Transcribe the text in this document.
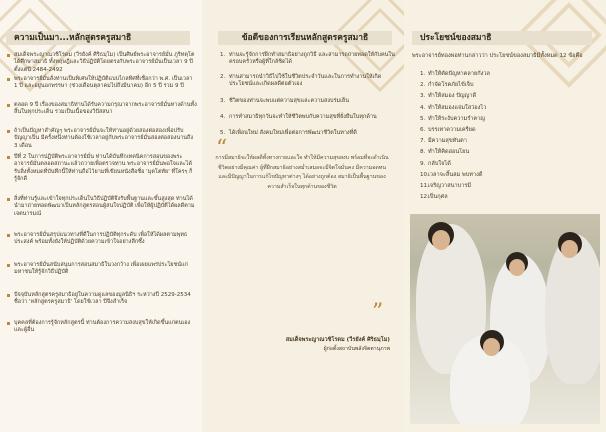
ความเป็นมา...หลักสูตรครูสมาธิ
สมเด็จพระญาณวชิโรดม (วีรยังค์ ศิริธมฺโม) เป็นศิษย์พระอาจารย์มั่น ภูริทตฺโต ได้ศึกษาสมาธิ ทั้งทฤษฎีและวิธีปฏิบัติโดยตรงกับพระอาจารย์มั่นเป็นเวลา 9 ปี ตั้งแต่ปี 2484-2492
พระอาจารย์มั่นสั่งท่านเป็นพิเศษให้ปฏิบัติแบบไกลทิศที่เชื่อกว่า พ.ศ. เป็นเวลา 1 ปี และอยู่นอกพรรษา (ช่วงเดือนตุลาคมไปถึงมีนาคม) อีก 5 ปี รวม 9 ปี
ตลอด 9 ปี เรื่องของสมาธิท่านได้รับความกรุณาจากพระอาจารย์มั่นทางด้านทั้งสิ้นในทุกประเด็น รวมเป็นเนื้อของวิปัสสนา
ถ้าเป็นปัญหาสำคัญๆ พระอาจารย์มั่นจะให้ท่านอยู่ด้วยสองต่อสองเพื่อปรับปัญญาเป็น มีครั้งหนึ่งท่านต้องใช้เวลาอยู่กับพระอาจารย์มั่นสองต่อสองนานถึง 3 เดือน
ปีที่ 2 ในการปฏิบัติพระอาจารย์มั่น ท่านได้บันทึกเทคนิคการสอนของพระอาจารย์มั่นตลอดสถานะแล้วถวายเพื่อตรวจทาน พระอาจารย์มั่นพอใจและได้รับสิ่งทั้งหมดที่บันทึกนี้ให้ท่านถือไว้ยามที่เขียนหนังสือชื่อ 'มุตโตทัย' ที่ใครๆ ก็รู้จักดี
สิ่งที่ท่านรู้และเข้าใจทุกประเด็นในวิธีปฏิบัติจึงรับพื้นฐานและขั้นสูงสุด ท่านได้นำมาถ่ายทอดพัฒนาเป็นหลักสูตรสอนผู้สนใจปฏิบัติ เพื่อให้ผู้ปฏิบัติได้ผลดีตามเจตนารมณ์
พระอาจารย์มั่นสรุปแนวทางที่ดีในการปฏิบัติทุกระดับ เพื่อให้ได้ผลตามพุทธประสงค์ พร้อมทั้งยังให้ปฏิบัติด้วยความเข้าใจอย่างลึกซึ้ง
พระอาจารย์มั่นสนับสนุนการสอนสมาธิในวงกว้าง เพื่อเผยแพร่ประโยชน์แก่มหาชนให้รู้จักวิธีปฏิบัติ
ปัจจุบันหลักสูตรครูสมาธิอยู่ในความดูแลของมูลนิธิฯ ระหว่างปี 2529-2534 ชื่อว่า 'หลักสูตรครูสมาธิ' โดยใช้เวลา ปีจึงสำเร็จ
บุคคลที่ต้องการรู้จักหลักสูตรนี้ ท่านต้องการความสงบสุขให้เกิดขึ้นแก่ตนเองและผู้อื่น
ข้อดีของการเรียนหลักสูตรครูสมาธิ
1. ท่านจะรู้จักการฝึกทำสมาธิอย่างถูกวิธี และสามารถถ่ายทอดให้กับคนในครอบครัวหรือผู้ที่ใกล้ชิดได้
2. ท่านสามารถนำวิธีไปใช้ในชีวิตประจำวันและในการทำงานให้เกิดประโยชน์และเกิดผลดีต่อตัวเอง
3. ชีวิตของท่านจะพบแต่ความสุขและความสงบร่มเย็น
4. การทำสมาธิทุกวันจะทำให้ชีวิตพบกับความสุขที่ยั่งยืนในทุกด้าน
5. ได้เพื่อนใหม่ สังคมใหม่เพื่อต่อการพัฒนาชีวิตในทางที่ดี
“
การมีสมาธิจะให้ผลดีทั้งทางกายและใจ ทำให้มีความสุขสงบ พร้อมที่จะดำเนินชีวิตอย่างมีคุณค่า ผู้ที่ฝึกสมาธิอย่างสม่ำเสมอจะมีจิตใจมั่นคง มีความอดทน และมีปัญญาในการแก้ไขปัญหาต่างๆ ได้อย่างถูกต้อง สมาธิเป็นพื้นฐานของความสำเร็จในทุกด้านของชีวิต
”
สมเด็จพระญาณวชิโรดม (วีรยังค์ ศิริธมฺโม)
ผู้ก่อตั้งสถาบันพลังจิตตานุภาพ
ประโยชน์ของสมาธิ
พระอาจารย์ทองพ่อท่านกล่าวว่า ประโยชน์ของสมาธิมีทั้งหมด 12 ข้อคือ
1. ทำให้ตัดปัญหาคลายกังวล
2. กำจัดโรคภัยไข้เจ็บ
3. ทำให้สมอง ปัญญาดี
4. ทำให้สมองแจ่มใสว่องไว
5. ทำให้ระงับความรำคาญ
6. บรรเทาความเครียด
7. มีความสุขทันตา
8. ทำให้คิดอ่อนโยน
9. กลับใจได้
10. เวลาจะสิ้นลม พบทางดี
11. เจริญวาสนาบารมี
12. เป็นกุศล
